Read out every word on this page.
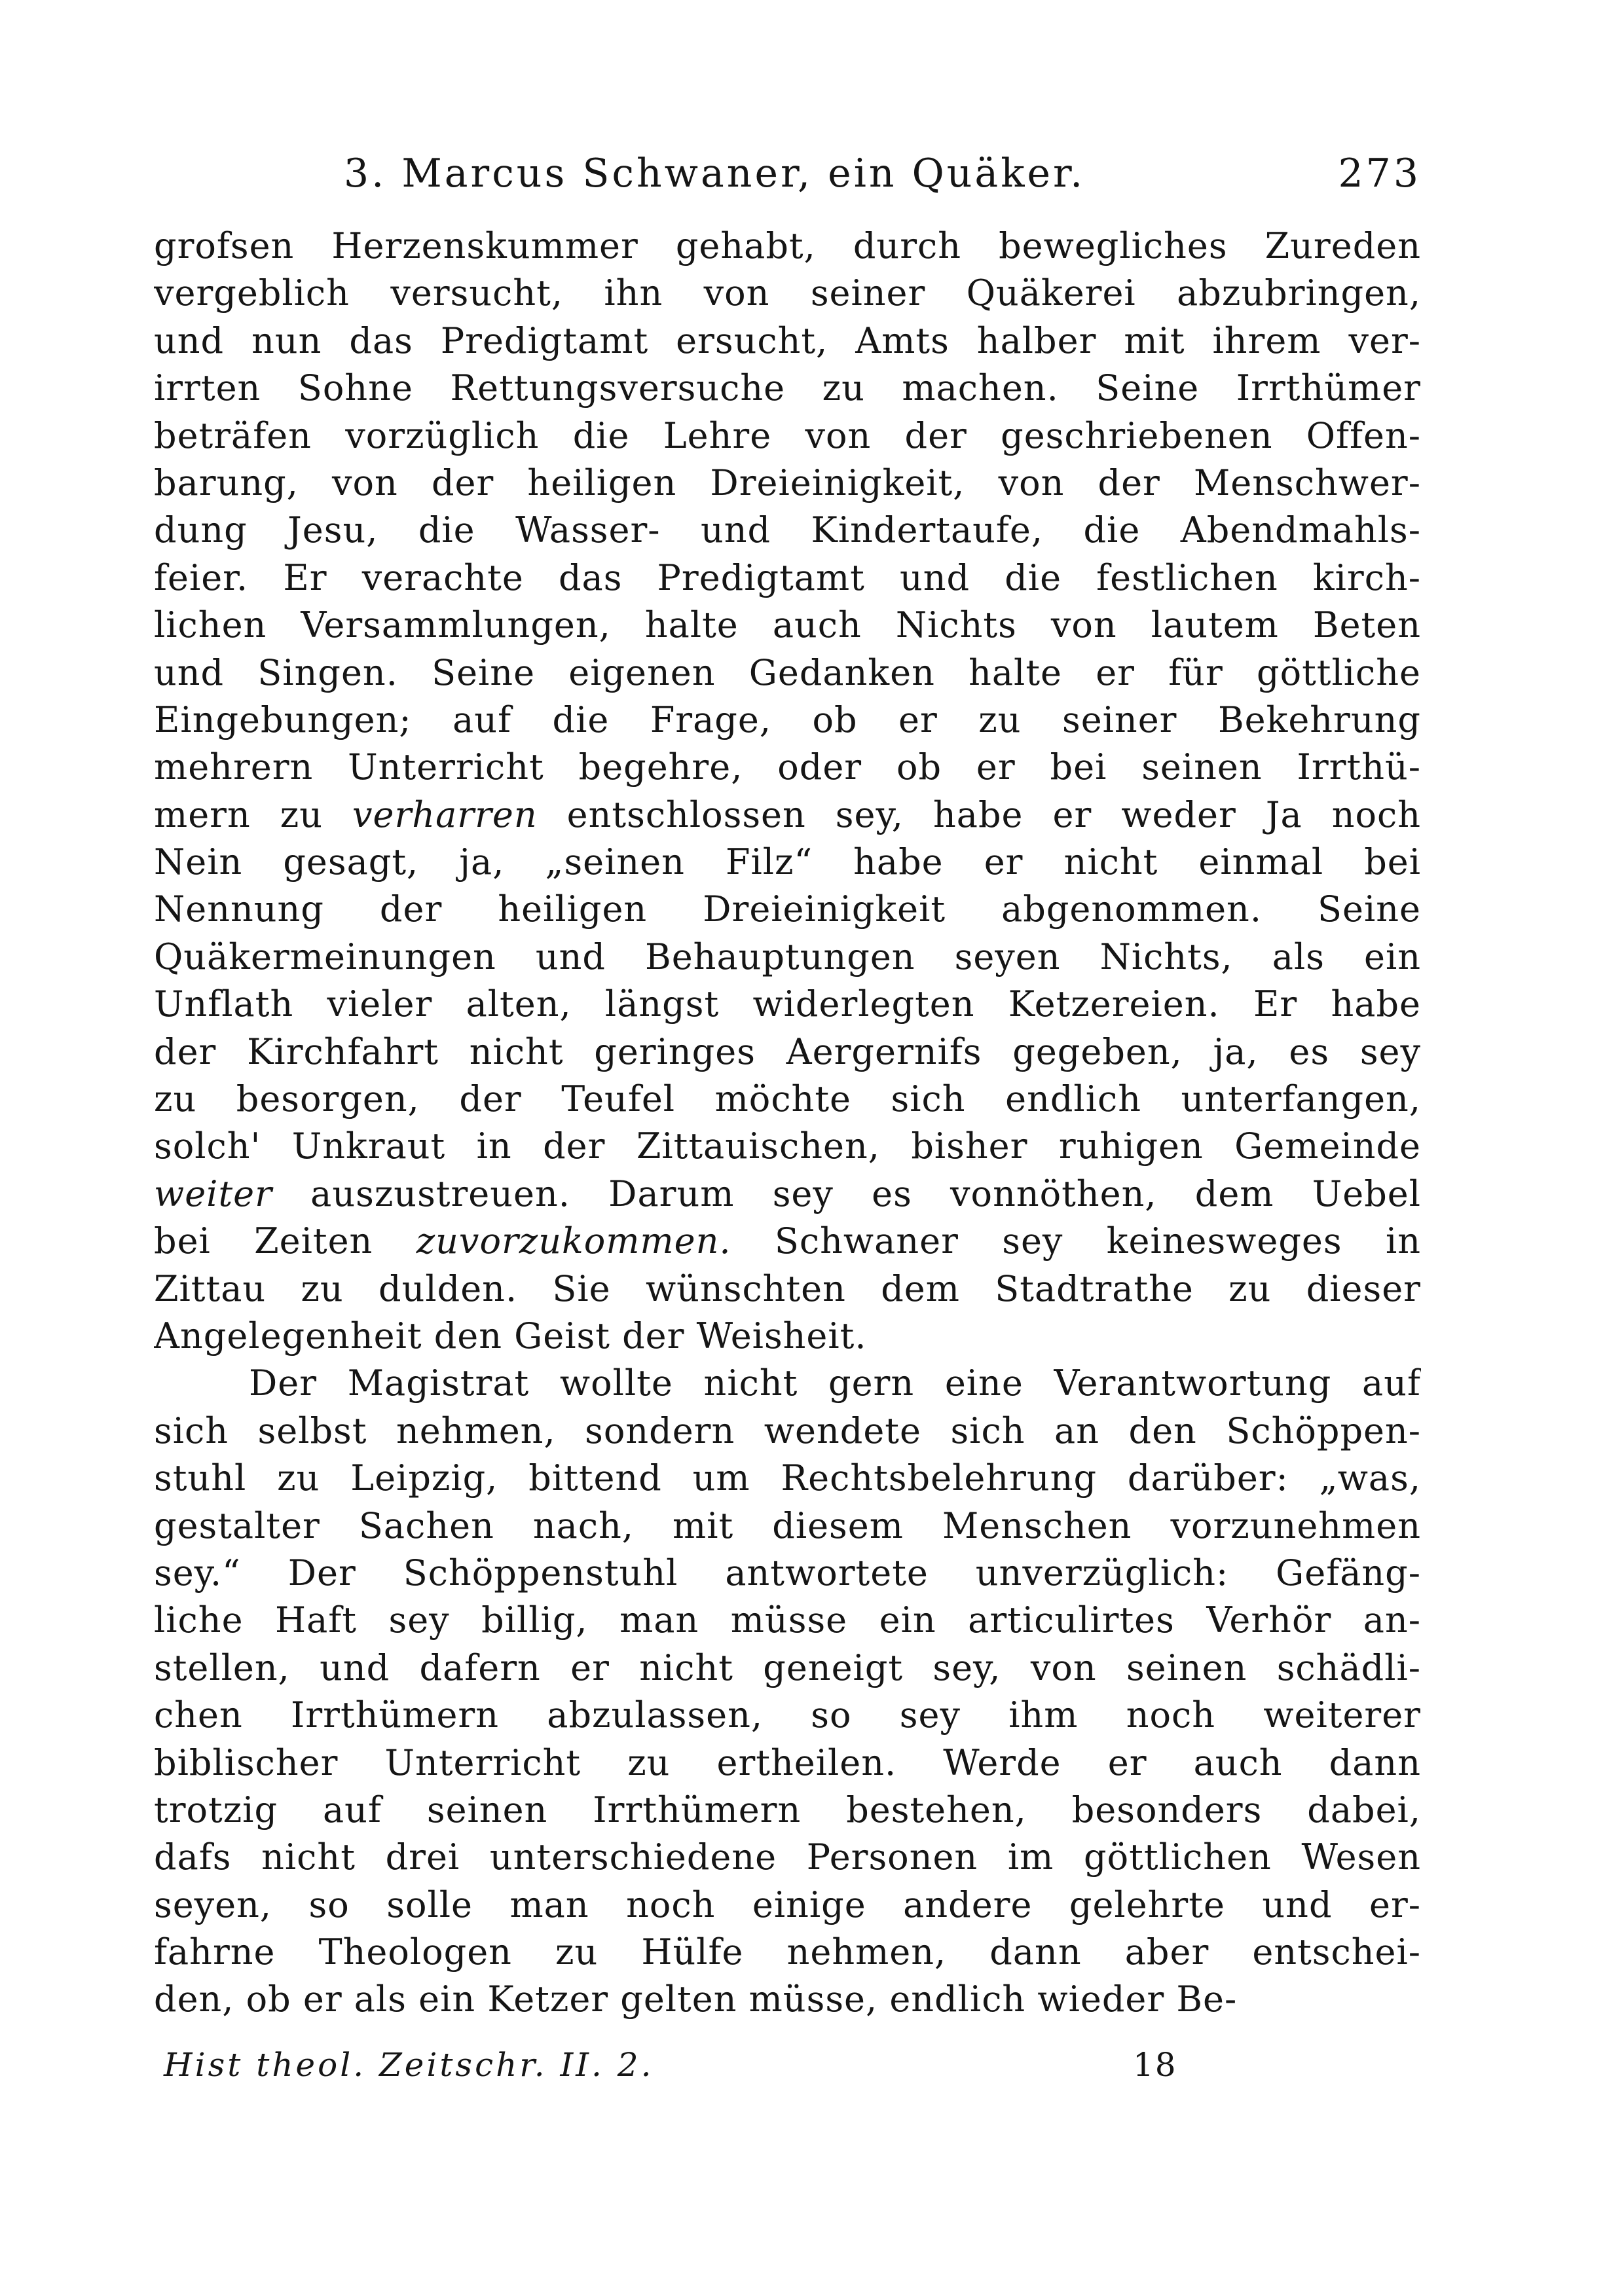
3. Marcus Schwaner, ein Quäker.	273
grofsen Herzenskummer gehabt, durch bewegliches Zureden
vergeblich versucht, ihn von seiner Quäkerei abzubringen,
und nun das Predigtamt ersucht, Amts halber mit ihrem ver-
irrten Sohne Rettungsversuche zu machen. Seine Irrthümer
beträfen vorzüglich die Lehre von der geschriebenen Offen-
barung, von der heiligen Dreieinigkeit, von der Menschwer-
dung Jesu, die Wasser- und Kindertaufe, die Abendmahls-
feier. Er verachte das Predigtamt und die festlichen kirch-
lichen Versammlungen, halte auch Nichts von lautem Beten
und Singen. Seine eigenen Gedanken halte er für göttliche
Eingebungen; auf die Frage, ob er zu seiner Bekehrung
mehrern Unterricht begehre, oder ob er bei seinen Irrthü-
mern zu verharren entschlossen sey, habe er weder Ja noch
Nein gesagt, ja, „seinen Filz“ habe er nicht einmal bei
Nennung der heiligen Dreieinigkeit abgenommen. Seine
Quäkermeinungen und Behauptungen seyen Nichts, als ein
Unflath vieler alten, längst widerlegten Ketzereien. Er habe
der Kirchfahrt nicht geringes Aergernifs gegeben, ja, es sey
zu besorgen, der Teufel möchte sich endlich unterfangen,
solch' Unkraut in der Zittauischen, bisher ruhigen Gemeinde
weiter auszustreuen. Darum sey es vonnöthen, dem Uebel
bei Zeiten zuvorzukommen. Schwaner sey keinesweges in
Zittau zu dulden. Sie wünschten dem Stadtrathe zu dieser
Angelegenheit den Geist der Weisheit.
Der Magistrat wollte nicht gern eine Verantwortung auf
sich selbst nehmen, sondern wendete sich an den Schöppen-
stuhl zu Leipzig, bittend um Rechtsbelehrung darüber: „was,
gestalter Sachen nach, mit diesem Menschen vorzunehmen
sey.“ Der Schöppenstuhl antwortete unverzüglich: Gefäng-
liche Haft sey billig, man müsse ein articulirtes Verhör an-
stellen, und dafern er nicht geneigt sey, von seinen schädli-
chen Irrthümern abzulassen, so sey ihm noch weiterer
biblischer Unterricht zu ertheilen. Werde er auch dann
trotzig auf seinen Irrthümern bestehen, besonders dabei,
dafs nicht drei unterschiedene Personen im göttlichen Wesen
seyen, so solle man noch einige andere gelehrte und er-
fahrne Theologen zu Hülfe nehmen, dann aber entschei-
den, ob er als ein Ketzer gelten müsse, endlich wieder Be-
Hist theol. Zeitschr. II. 2.	18
